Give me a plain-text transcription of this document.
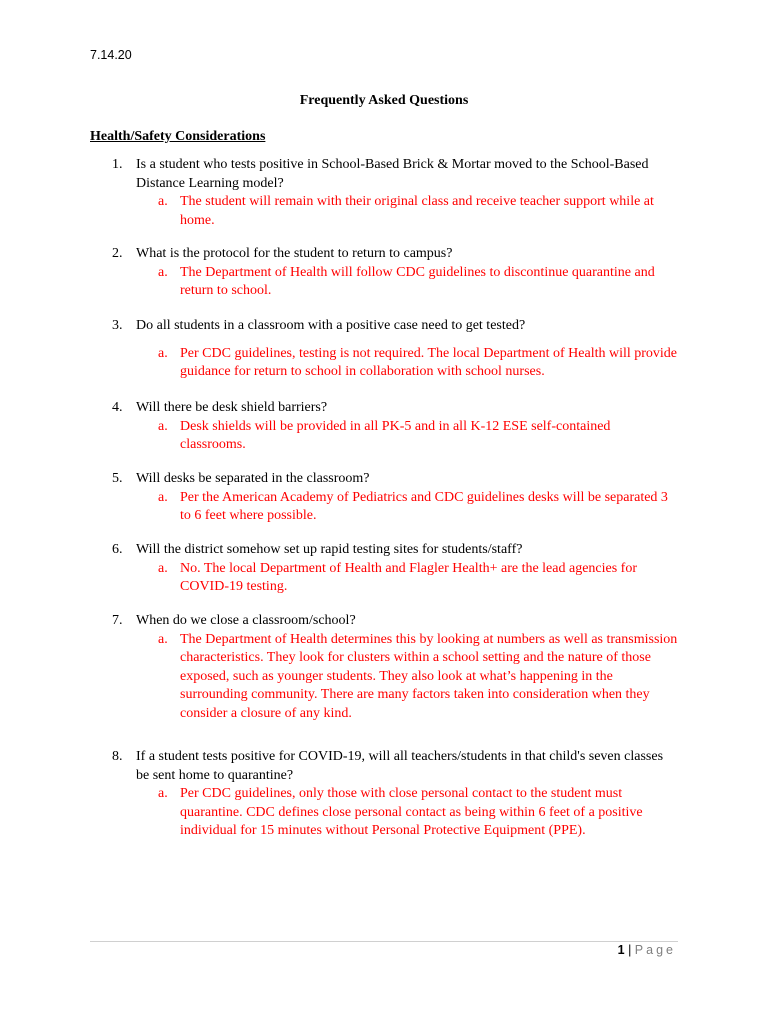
7.14.20
Frequently Asked Questions
Health/Safety Considerations
1. Is a student who tests positive in School-Based Brick & Mortar moved to the School-Based Distance Learning model?
a. The student will remain with their original class and receive teacher support while at home.
2. What is the protocol for the student to return to campus?
a. The Department of Health will follow CDC guidelines to discontinue quarantine and return to school.
3. Do all students in a classroom with a positive case need to get tested?
a. Per CDC guidelines, testing is not required. The local Department of Health will provide guidance for return to school in collaboration with school nurses.
4. Will there be desk shield barriers?
a. Desk shields will be provided in all PK-5 and in all K-12 ESE self-contained classrooms.
5. Will desks be separated in the classroom?
a. Per the American Academy of Pediatrics and CDC guidelines desks will be separated 3 to 6 feet where possible.
6. Will the district somehow set up rapid testing sites for students/staff?
a. No. The local Department of Health and Flagler Health+ are the lead agencies for COVID-19 testing.
7. When do we close a classroom/school?
a. The Department of Health determines this by looking at numbers as well as transmission characteristics. They look for clusters within a school setting and the nature of those exposed, such as younger students. They also look at what’s happening in the surrounding community. There are many factors taken into consideration when they consider a closure of any kind.
8. If a student tests positive for COVID-19, will all teachers/students in that child's seven classes be sent home to quarantine?
a. Per CDC guidelines, only those with close personal contact to the student must quarantine. CDC defines close personal contact as being within 6 feet of a positive individual for 15 minutes without Personal Protective Equipment (PPE).
1 | Page
